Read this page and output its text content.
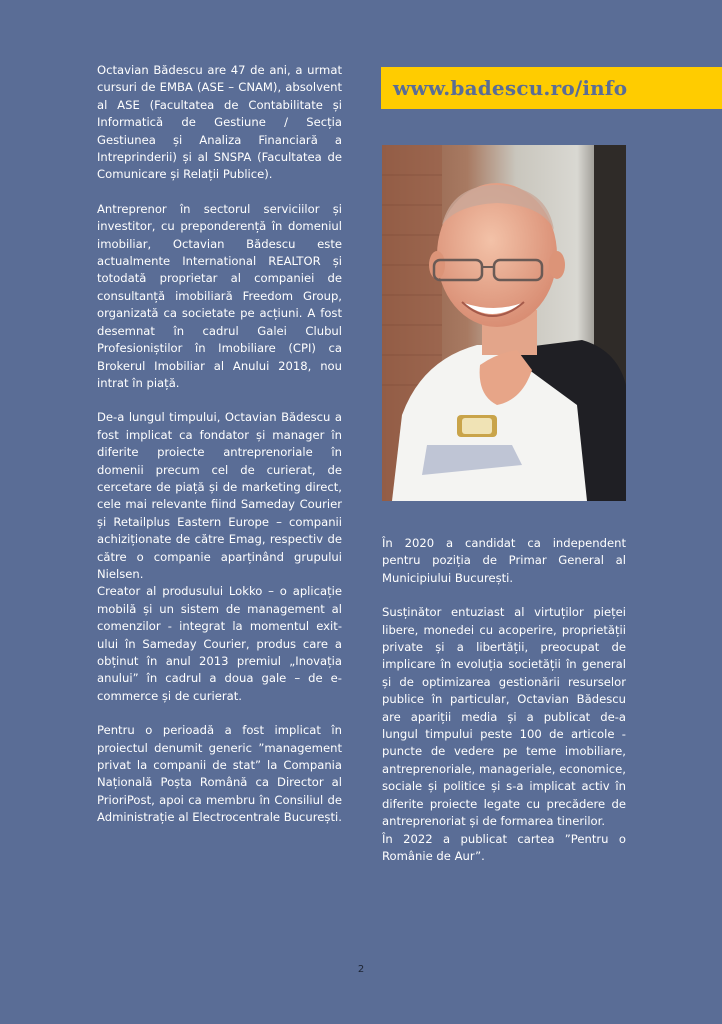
Octavian Bădescu are 47 de ani, a urmat cursuri de EMBA (ASE – CNAM), absolvent al ASE (Facultatea de Contabilitate și Informatică de Gestiune / Secția Gestiunea și Analiza Financiară a Intreprinderii) și al SNSPA (Facultatea de Comunicare și Relații Publice).

Antreprenor în sectorul serviciilor și investitor, cu preponderență în domeniul imobiliar, Octavian Bădescu este actualmente International REALTOR și totodată proprietar al companiei de consultanță imobiliară Freedom Group, organizată ca societate pe acțiuni. A fost desemnat în cadrul Galei Clubul Profesioniștilor în Imobiliare (CPI) ca Brokerul Imobiliar al Anului 2018, nou intrat în piață.

De-a lungul timpului, Octavian Bădescu a fost implicat ca fondator și manager în diferite proiecte antreprenoriale în domenii precum cel de curierat, de cercetare de piață și de marketing direct, cele mai relevante fiind Sameday Courier și Retailplus Eastern Europe – companii achiziționate de către Emag, respectiv de către o companie aparținând grupului Nielsen.

Creator al produsului Lokko – o aplicație mobilă și un sistem de management al comenzilor - integrat la momentul exit-ului în Sameday Courier, produs care a obținut în anul 2013 premiul „Inovația anului” în cadrul a doua gale – de e-commerce și de curierat.

Pentru o perioadă a fost implicat în proiectul denumit generic ”management privat la companii de stat” la Compania Națională Poșta Română ca Director al PrioriPost, apoi ca membru în Consiliul de Administrație al Electrocentrale București.

www.badescu.ro/info

În 2020 a candidat ca independent pentru poziția de Primar General al Municipiului București.

Susținător entuziast al virtuților pieței libere, monedei cu acoperire, proprietății private și a libertății, preocupat de implicare în evoluția societății în general și de optimizarea gestionării resurselor publice în particular, Octavian Bădescu are apariții media și a publicat de-a lungul timpului peste 100 de articole - puncte de vedere pe teme imobiliare, antreprenoriale, manageriale, economice, sociale și politice și s-a implicat activ în diferite proiecte legate cu precădere de antreprenoriat și de formarea tinerilor.

În 2022 a publicat cartea ”Pentru o Românie de Aur”.

2
